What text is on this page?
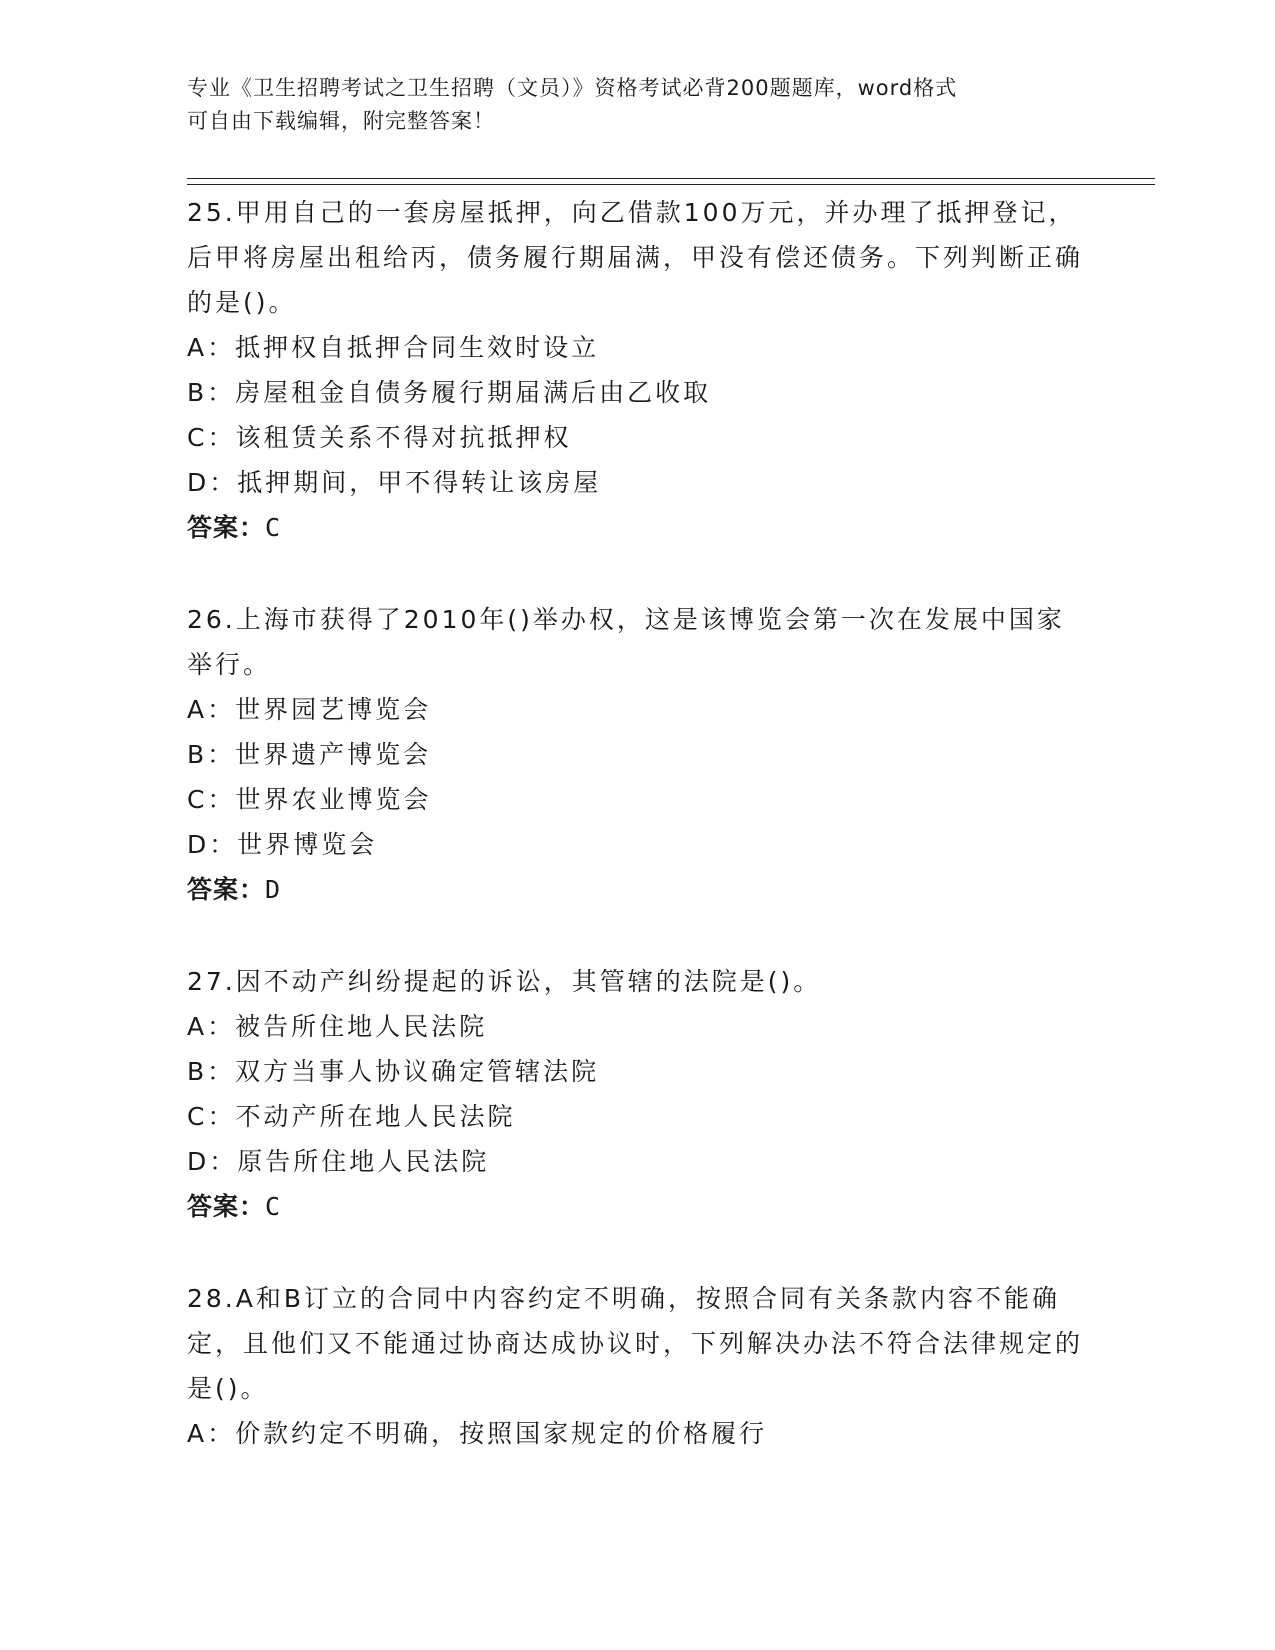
专业《卫生招聘考试之卫生招聘（文员）》资格考试必背200题题库，word格式
可自由下载编辑，附完整答案！

25.甲用自己的一套房屋抵押，向乙借款100万元，并办理了抵押登记，后甲将房屋出租给丙，债务履行期届满，甲没有偿还债务。下列判断正确的是()。

A：抵押权自抵押合同生效时设立

B：房屋租金自债务履行期届满后由乙收取

C：该租赁关系不得对抗抵押权

D：抵押期间，甲不得转让该房屋

答案：C

26.上海市获得了2010年()举办权，这是该博览会第一次在发展中国家举行。

A：世界园艺博览会

B：世界遗产博览会

C：世界农业博览会

D：世界博览会

答案：D

27.因不动产纠纷提起的诉讼，其管辖的法院是()。

A：被告所住地人民法院

B：双方当事人协议确定管辖法院

C：不动产所在地人民法院

D：原告所住地人民法院

答案：C

28.A和B订立的合同中内容约定不明确，按照合同有关条款内容不能确定，且他们又不能通过协商达成协议时，下列解决办法不符合法律规定的是()。

A：价款约定不明确，按照国家规定的价格履行
